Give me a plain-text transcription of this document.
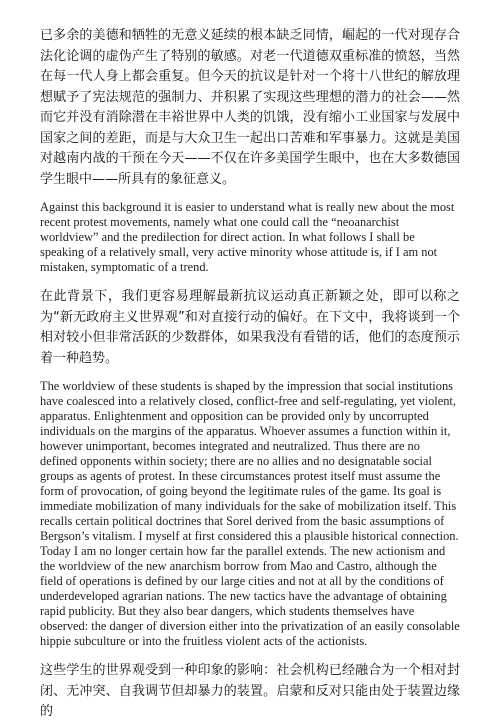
已多余的美德和牺牲的无意义延续的根本缺乏同情，崛起的一代对现存合法化论调的虚伪产生了特别的敏感。对老一代道德双重标准的愤怒，当然在每一代人身上都会重复。但今天的抗议是针对一个将十八世纪的解放理想赋予了宪法规范的强制力、并积累了实现这些理想的潜力的社会——然而它并没有消除潜在丰裕世界中人类的饥饿，没有缩小工业国家与发展中国家之间的差距，而是与大众卫生一起出口苦难和军事暴力。这就是美国对越南内战的干预在今天——不仅在许多美国学生眼中，也在大多数德国学生眼中——所具有的象征意义。

Against this background it is easier to understand what is really new about the most recent protest movements, namely what one could call the “neoanarchist worldview” and the predilection for direct action. In what follows I shall be speaking of a relatively small, very active minority whose attitude is, if I am not mistaken, symptomatic of a trend.

在此背景下，我们更容易理解最新抗议运动真正新颖之处，即可以称之为“新无政府主义世界观”和对直接行动的偏好。在下文中，我将谈到一个相对较小但非常活跃的少数群体，如果我没有看错的话，他们的态度预示着一种趋势。

The worldview of these students is shaped by the impression that social institutions have coalesced into a relatively closed, conflict-free and self-regulating, yet violent, apparatus. Enlightenment and opposition can be provided only by uncorrupted individuals on the margins of the apparatus. Whoever assumes a function within it, however unimportant, becomes integrated and neutralized. Thus there are no defined opponents within society; there are no allies and no designatable social groups as agents of protest. In these circumstances protest itself must assume the form of provocation, of going beyond the legitimate rules of the game. Its goal is immediate mobilization of many individuals for the sake of mobilization itself. This recalls certain political doctrines that Sorel derived from the basic assumptions of Bergson’s vitalism. I myself at first considered this a plausible historical connection. Today I am no longer certain how far the parallel extends. The new actionism and the worldview of the new anarchism borrow from Mao and Castro, although the field of operations is defined by our large cities and not at all by the conditions of underdeveloped agrarian nations. The new tactics have the advantage of obtaining rapid publicity. But they also bear dangers, which students themselves have observed: the danger of diversion either into the privatization of an easily consolable hippie subculture or into the fruitless violent acts of the actionists.

这些学生的世界观受到一种印象的影响：社会机构已经融合为一个相对封闭、无冲突、自我调节但却暴力的装置。启蒙和反对只能由处于装置边缘的
